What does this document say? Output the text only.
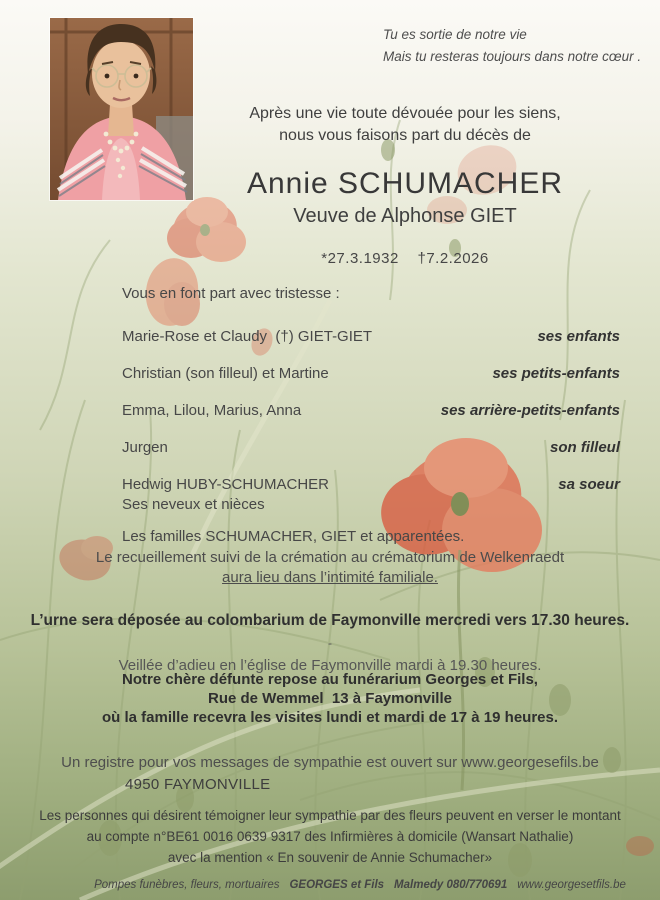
Tu es sortie de notre vie
Mais tu resteras toujours dans notre cœur .
Après une vie toute dévouée pour les siens,
nous vous faisons part du décès de
Annie SCHUMACHER
Veuve de Alphonse GIET
*27.3.1932    †7.2.2026
Vous en font part avec tristesse :
Marie-Rose et Claudy  (†) GIET-GIET	ses enfants
Christian (son filleul) et Martine	ses petits-enfants
Emma, Lilou, Marius, Anna	ses arrière-petits-enfants
Jurgen	son filleul
Hedwig HUBY-SCHUMACHER	sa soeur
Ses neveux et nièces
Les familles SCHUMACHER, GIET et apparentées.
Le recueillement suivi de la crémation au crématorium de Welkenraedt
aura lieu dans l’intimité familiale.
L’urne sera déposée au colombarium de Faymonville mercredi vers 17.30 heures.
-
Veillée d’adieu en l’église de Faymonville mardi à 19.30 heures.
Notre chère défunte repose au funérarium Georges et Fils,
Rue de Wemmel  13 à Faymonville
où la famille recevra les visites lundi et mardi de 17 à 19 heures.
Un registre pour vos messages de sympathie est ouvert sur www.georgesefils.be
4950 FAYMONVILLE
Les personnes qui désirent témoigner leur sympathie par des fleurs peuvent en verser le montant
au compte n°BE61 0016 0639 9317 des Infirmières à domicile (Wansart Nathalie)
avec la mention « En souvenir de Annie Schumacher»
Pompes funèbres, fleurs, mortuaires GEORGES et Fils Malmedy 080/770691 www.georgesetfils.be
